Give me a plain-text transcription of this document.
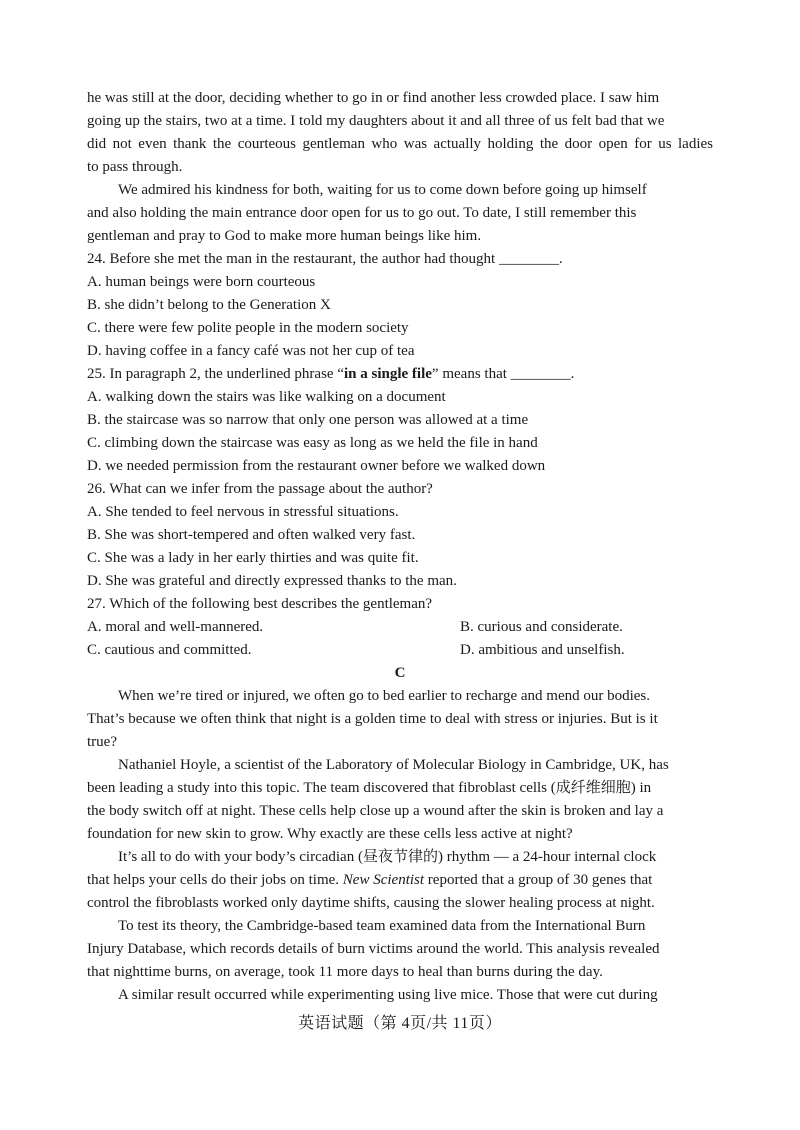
he was still at the door, deciding whether to go in or find another less crowded place. I saw him
going up the stairs, two at a time. I told my daughters about it and all three of us felt bad that we
did not even thank the courteous gentleman who was actually holding the door open for us ladies
to pass through.
We admired his kindness for both, waiting for us to come down before going up himself
and also holding the main entrance door open for us to go out. To date, I still remember this
gentleman and pray to God to make more human beings like him.
24. Before she met the man in the restaurant, the author had thought ________.
A. human beings were born courteous
B. she didn’t belong to the Generation X
C. there were few polite people in the modern society
D. having coffee in a fancy café was not her cup of tea
25. In paragraph 2, the underlined phrase “in a single file” means that ________.
A. walking down the stairs was like walking on a document
B. the staircase was so narrow that only one person was allowed at a time
C. climbing down the staircase was easy as long as we held the file in hand
D. we needed permission from the restaurant owner before we walked down
26. What can we infer from the passage about the author?
A. She tended to feel nervous in stressful situations.
B. She was short-tempered and often walked very fast.
C. She was a lady in her early thirties and was quite fit.
D. She was grateful and directly expressed thanks to the man.
27. Which of the following best describes the gentleman?
A. moral and well-mannered.	B. curious and considerate.
C. cautious and committed.	D. ambitious and unselfish.
C
When we’re tired or injured, we often go to bed earlier to recharge and mend our bodies.
That’s because we often think that night is a golden time to deal with stress or injuries. But is it
true?
Nathaniel Hoyle, a scientist of the Laboratory of Molecular Biology in Cambridge, UK, has
been leading a study into this topic. The team discovered that fibroblast cells (成纤维细胞) in
the body switch off at night. These cells help close up a wound after the skin is broken and lay a
foundation for new skin to grow. Why exactly are these cells less active at night?
It’s all to do with your body’s circadian (昼夜节律的) rhythm — a 24-hour internal clock
that helps your cells do their jobs on time. New Scientist reported that a group of 30 genes that
control the fibroblasts worked only daytime shifts, causing the slower healing process at night.
To test its theory, the Cambridge-based team examined data from the International Burn
Injury Database, which records details of burn victims around the world. This analysis revealed
that nighttime burns, on average, took 11 more days to heal than burns during the day.
A similar result occurred while experimenting using live mice. Those that were cut during
英语试题（第 4页/共 11页）
